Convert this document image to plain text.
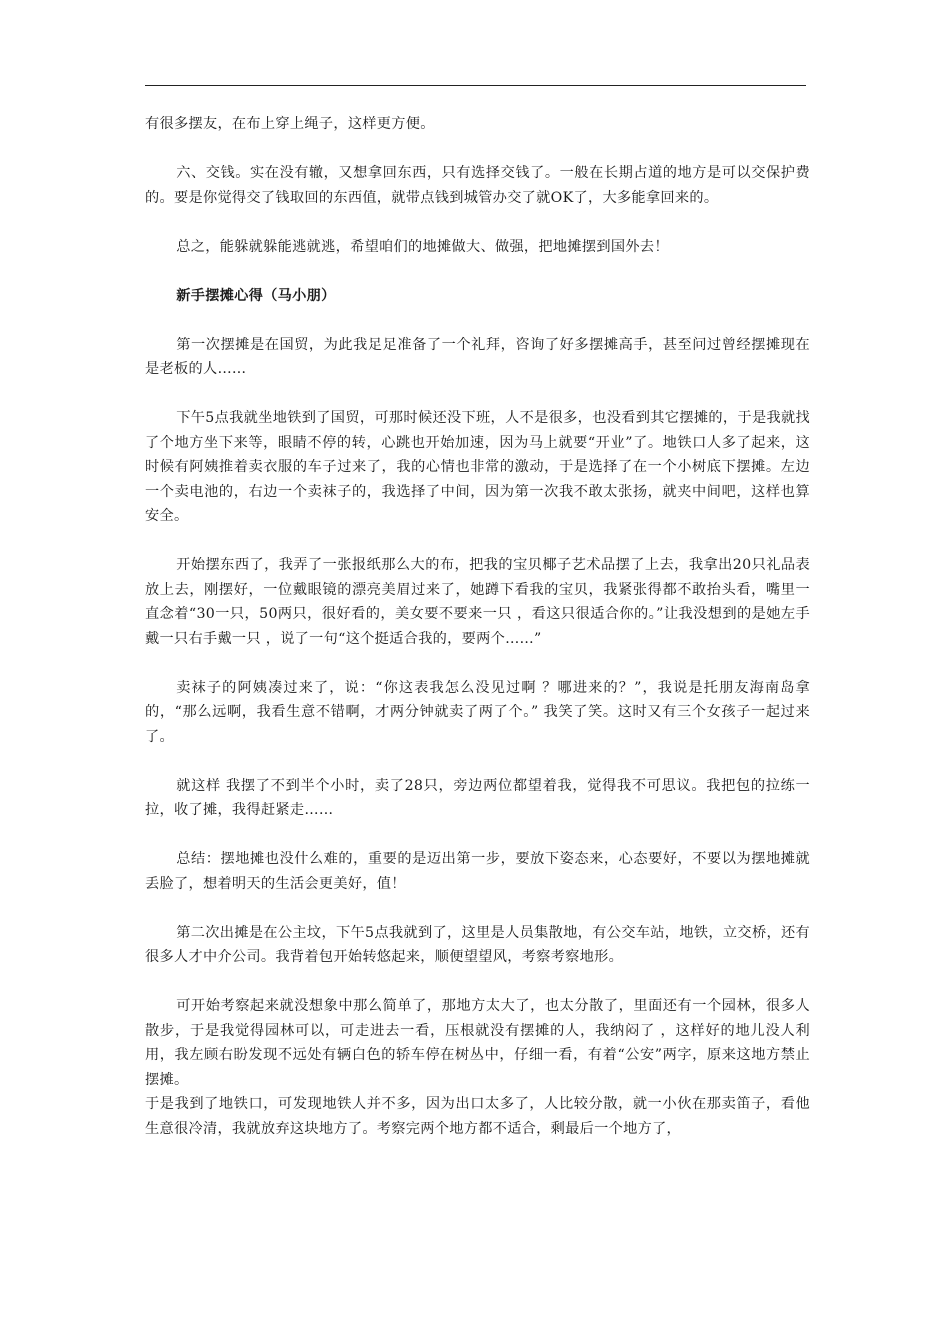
有很多摆友，在布上穿上绳子，这样更方便。

六、交钱。实在没有辙，又想拿回东西，只有选择交钱了。一般在长期占道的地方是可以交保护费的。要是你觉得交了钱取回的东西值，就带点钱到城管办交了就OK了，大多能拿回来的。

总之，能躲就躲能逃就逃，希望咱们的地摊做大、做强，把地摊摆到国外去！

新手摆摊心得（马小朋）

第一次摆摊是在国贸，为此我足足准备了一个礼拜，咨询了好多摆摊高手，甚至问过曾经摆摊现在是老板的人……

下午5点我就坐地铁到了国贸，可那时候还没下班，人不是很多，也没看到其它摆摊的，于是我就找了个地方坐下来等，眼睛不停的转，心跳也开始加速，因为马上就要“开业”了。地铁口人多了起来，这时候有阿姨推着卖衣服的车子过来了，我的心情也非常的激动，于是选择了在一个小树底下摆摊。左边一个卖电池的，右边一个卖袜子的，我选择了中间，因为第一次我不敢太张扬，就夹中间吧，这样也算安全。

开始摆东西了，我弄了一张报纸那么大的布，把我的宝贝椰子艺术品摆了上去，我拿出20只礼品表放上去，刚摆好，一位戴眼镜的漂亮美眉过来了，她蹲下看我的宝贝，我紧张得都不敢抬头看，嘴里一直念着“30一只，50两只，很好看的，美女要不要来一只 ，看这只很适合你的。”让我没想到的是她左手戴一只右手戴一只 ，说了一句“这个挺适合我的，要两个……”

卖袜子的阿姨凑过来了，说：“你这表我怎么没见过啊 ？哪进来的？”，我说是托朋友海南岛拿的，“那么远啊，我看生意不错啊，才两分钟就卖了两了个。” 我笑了笑。这时又有三个女孩子一起过来了。

就这样 我摆了不到半个小时，卖了28只，旁边两位都望着我，觉得我不可思议。我把包的拉练一拉，收了摊，我得赶紧走……

总结：摆地摊也没什么难的，重要的是迈出第一步，要放下姿态来，心态要好，不要以为摆地摊就丢脸了，想着明天的生活会更美好，值！

第二次出摊是在公主坟，下午5点我就到了，这里是人员集散地，有公交车站，地铁，立交桥，还有很多人才中介公司。我背着包开始转悠起来，顺便望望风，考察考察地形。

可开始考察起来就没想象中那么简单了，那地方太大了，也太分散了，里面还有一个园林，很多人散步，于是我觉得园林可以，可走进去一看，压根就没有摆摊的人，我纳闷了 ，这样好的地儿没人利用，我左顾右盼发现不远处有辆白色的轿车停在树丛中，仔细一看，有着“公安”两字，原来这地方禁止摆摊。

于是我到了地铁口，可发现地铁人并不多，因为出口太多了，人比较分散，就一小伙在那卖笛子，看他生意很冷清，我就放弃这块地方了。考察完两个地方都不适合，剩最后一个地方了，
